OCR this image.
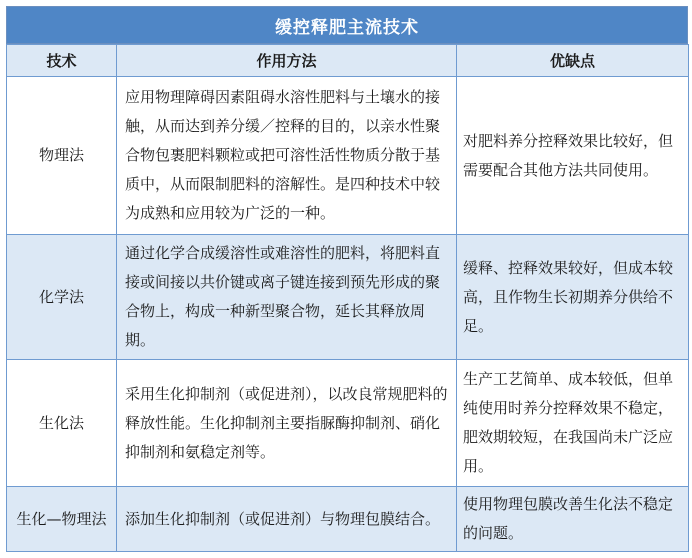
缓控释肥主流技术
技术	作用方法	优缺点
物理法	应用物理障碍因素阻碍水溶性肥料与土壤水的接触，从而达到养分缓／控释的目的，以亲水性聚合物包裹肥料颗粒或把可溶性活性物质分散于基质中，从而限制肥料的溶解性。是四种技术中较为成熟和应用较为广泛的一种。	对肥料养分控释效果比较好，但需要配合其他方法共同使用。
化学法	通过化学合成缓溶性或难溶性的肥料，将肥料直接或间接以共价键或离子键连接到预先形成的聚合物上，构成一种新型聚合物，延长其释放周期。	缓释、控释效果较好，但成本较高，且作物生长初期养分供给不足。
生化法	采用生化抑制剂（或促进剂），以改良常规肥料的释放性能。生化抑制剂主要指脲酶抑制剂、硝化抑制剂和氨稳定剂等。	生产工艺简单、成本较低，但单纯使用时养分控释效果不稳定，肥效期较短，在我国尚未广泛应用。
生化—物理法	添加生化抑制剂（或促进剂）与物理包膜结合。	使用物理包膜改善生化法不稳定的问题。
